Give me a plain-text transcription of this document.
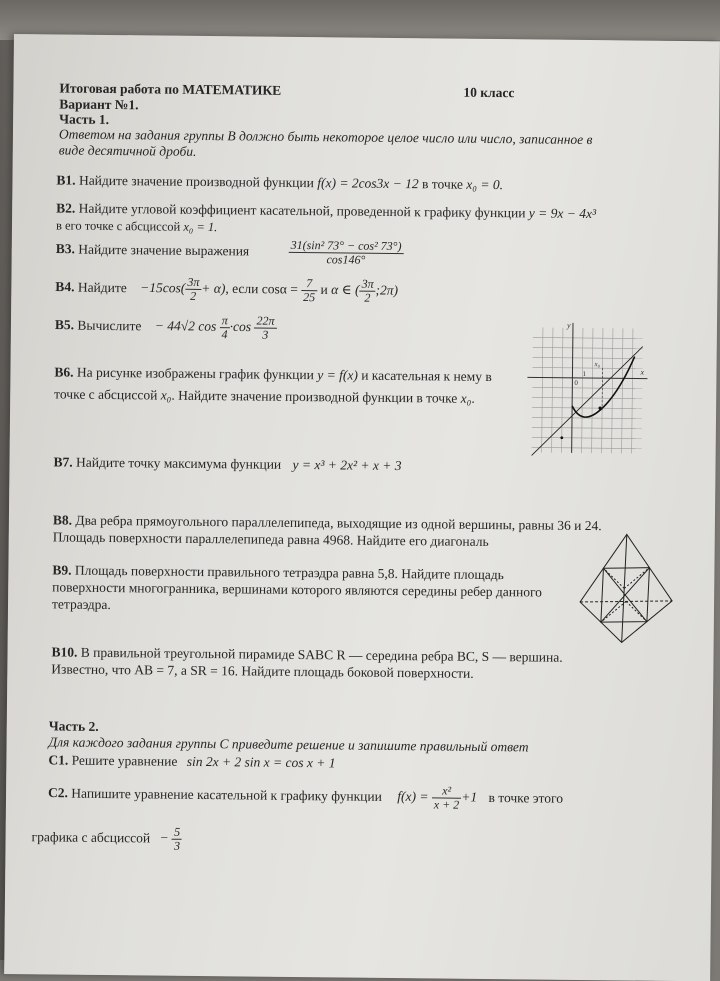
Итоговая работа по МАТЕМАТИКЕ	10 класс
Вариант №1.
Часть 1.
Ответом на задания группы В должно быть некоторое целое число или число, записанное в
виде десятичной дроби.
В1. Найдите значение производной функции f(x) = 2cos3x − 12 в точке x₀ = 0.
В2. Найдите угловой коэффициент касательной, проведенной к графику функции y = 9x − 4x³
в его точке с абсциссой x₀ = 1.
В3. Найдите значение выражения	$\frac{\text{31(sin² 73° − cos² 73°)}}{\cos 146^\circ}$
В4. Найдите $-15\cos( \frac{3\pi}{2} + \alpha)$, если $\cos\alpha = \frac{7}{25}$ и α ∈ ( $\frac{3\pi}{2}$ ;2π)
В5. Вычислите − 44√2 $\cos \frac{\pi}{4} \cdot\cos \frac{22\pi}{3}$
В6. На рисунке изображены график функции y = f(x) и касательная к нему в
точке с абсциссой x₀. Найдите значение производной функции в точке x₀.
y
x
0
1
x₀
В7. Найдите точку максимума функции y = x³ + 2x² + x + 3
В8. Два ребра прямоугольного параллелепипеда, выходящие из одной вершины, равны 36 и 24.
Площадь поверхности параллелепипеда равна 4968. Найдите его диагональ
В9. Площадь поверхности правильного тетраэдра равна 5,8. Найдите площадь
поверхности многогранника, вершинами которого являются середины ребер данного
тетраэдра.
В10. В правильной треугольной пирамиде SABC R — середина ребра BC, S — вершина.
Известно, что AB = 7, а SR = 16. Найдите площадь боковой поверхности.
Часть 2.
Для каждого задания группы С приведите решение и запишите правильный ответ
С1. Решите уравнение sin 2x + 2 sin x = cos x + 1
С2. Напишите уравнение касательной к графику функции $f(x) = \frac{\text{x²}}{x + 2} +1$ в точке этого
графика с абсциссой − $\frac{5}{3}$
